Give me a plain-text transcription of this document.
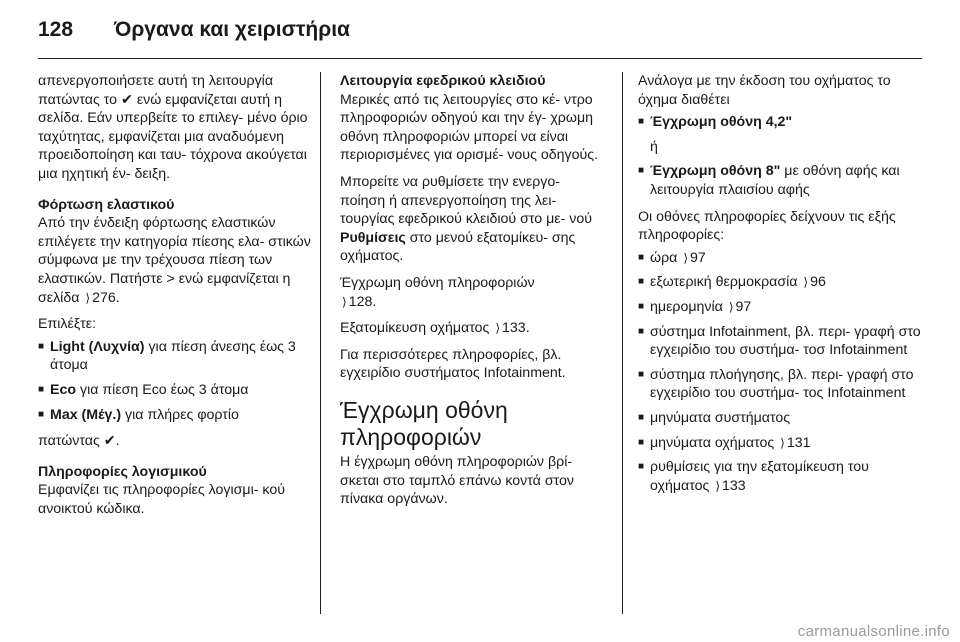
128 Όργανα και χειριστήρια

απενεργοποιήσετε αυτή τη λειτουργία πατώντας το ✔ ενώ εμφανίζεται αυτή η σελίδα. Εάν υπερβείτε το επιλεγ- μένο όριο ταχύτητας, εμφανίζεται μια αναδυόμενη προειδοποίηση και ταυ- τόχρονα ακούγεται μια ηχητική έν- δειξη.

Φόρτωση ελαστικού

Από την ένδειξη φόρτωσης ελαστικών επιλέγετε την κατηγορία πίεσης ελα- στικών σύμφωνα με την τρέχουσα πίεση των ελαστικών. Πατήστε > ενώ εμφανίζεται η σελίδα ⟩ 276.

Επιλέξτε:

■ Light (Λυχνία) για πίεση άνεσης έως 3 άτομα
■ Eco για πίεση Eco έως 3 άτομα
■ Max (Μέγ.) για πλήρες φορτίο

πατώντας ✔.

Πληροφορίες λογισμικού

Εμφανίζει τις πληροφορίες λογισμι- κού ανοικτού κώδικα.

Λειτουργία εφεδρικού κλειδιού

Μερικές από τις λειτουργίες στο κέ- ντρο πληροφοριών οδηγού και την έγ- χρωμη οθόνη πληροφοριών μπορεί να είναι περιορισμένες για ορισμέ- νους οδηγούς.

Μπορείτε να ρυθμίσετε την ενεργο- ποίηση ή απενεργοποίηση της λει- τουργίας εφεδρικού κλειδιού στο με- νού Ρυθμίσεις στο μενού εξατομίκευ- σης οχήματος.

Έγχρωμη οθόνη πληροφοριών
⟩ 128.

Εξατομίκευση οχήματος ⟩ 133.

Για περισσότερες πληροφορίες, βλ. εγχειρίδιο συστήματος Infotainment.

Έγχρωμη οθόνη πληροφοριών

Η έγχρωμη οθόνη πληροφοριών βρί- σκεται στο ταμπλό επάνω κοντά στον πίνακα οργάνων.

Ανάλογα με την έκδοση του οχήματος το όχημα διαθέτει

■ Έγχρωμη οθόνη 4,2"

ή

■ Έγχρωμη οθόνη 8" με οθόνη αφής και λειτουργία πλαισίου αφής

Οι οθόνες πληροφορίες δείχνουν τις εξής πληροφορίες:

■ ώρα ⟩ 97
■ εξωτερική θερμοκρασία ⟩ 96
■ ημερομηνία ⟩ 97
■ σύστημα Infotainment, βλ. περι- γραφή στο εγχειρίδιο του συστήμα- τοσ Infotainment
■ σύστημα πλοήγησης, βλ. περι- γραφή στο εγχειρίδιο του συστήμα- τος Infotainment
■ μηνύματα συστήματος
■ μηνύματα οχήματος ⟩ 131
■ ρυθμίσεις για την εξατομίκευση του οχήματος ⟩ 133
carmanualsonline.info
